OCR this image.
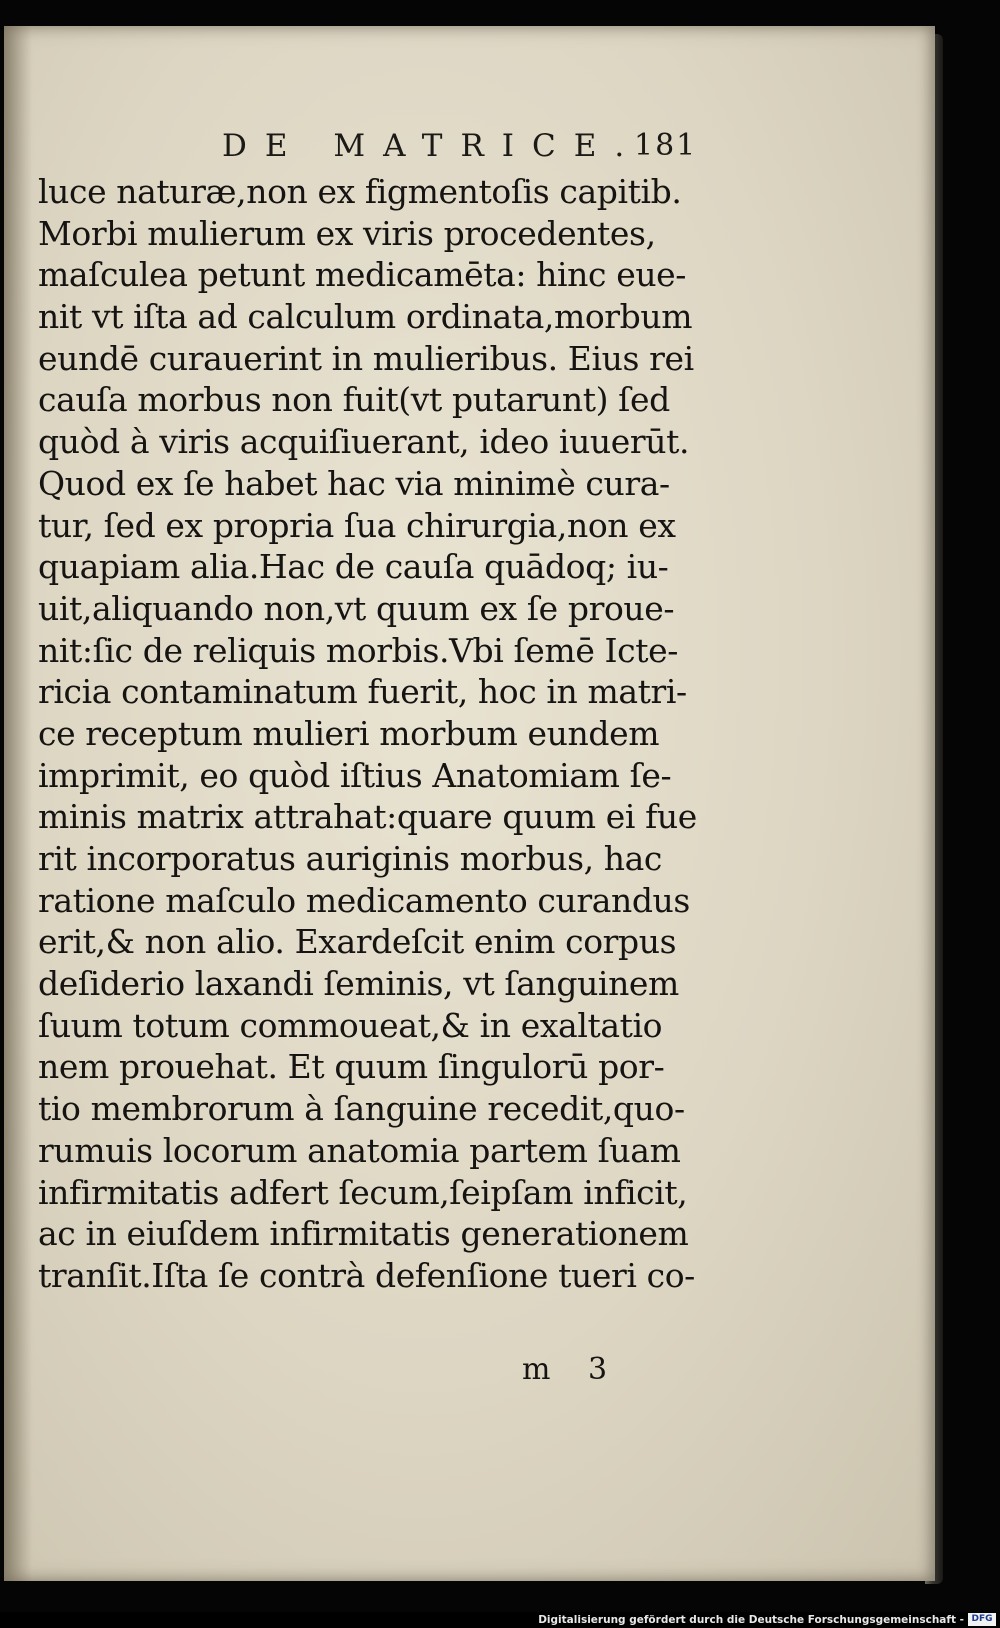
DE MATRICE.
181
luce naturæ,non ex figmentoſis capitib.
Morbi mulierum ex viris procedentes,
maſculea petunt medicamēta: hinc eue-
nit vt iſta ad calculum ordinata,morbum
eundē curauerint in mulieribus. Eius rei
cauſa morbus non fuit(vt putarunt) ſed
quòd à viris acquiſiuerant, ideo iuuerūt.
Quod ex ſe habet hac via minimè cura-
tur, ſed ex propria ſua chirurgia,non ex
quapiam alia.Hac de cauſa quādoq; iu-
uit,aliquando non,vt quum ex ſe proue-
nit:ſic de reliquis morbis.Vbi ſemē Icte-
ricia contaminatum fuerit, hoc in matri-
ce receptum mulieri morbum eundem
imprimit, eo quòd iſtius Anatomiam ſe-
minis matrix attrahat:quare quum ei fue
rit incorporatus auriginis morbus, hac
ratione maſculo medicamento curandus
erit,& non alio. Exardeſcit enim corpus
deſiderio laxandi ſeminis, vt ſanguinem
ſuum totum commoueat,& in exaltatio
nem prouehat. Et quum ſingulorū por-
tio membrorum à ſanguine recedit,quo-
rumuis locorum anatomia partem ſuam
infirmitatis adfert ſecum,ſeipſam inficit,
ac in eiuſdem infirmitatis generationem
tranſit.Iſta ſe contrà defenſione tueri co-
m 3
Digitalisierung gefördert durch die Deutsche Forschungsgemeinschaft - DFG
